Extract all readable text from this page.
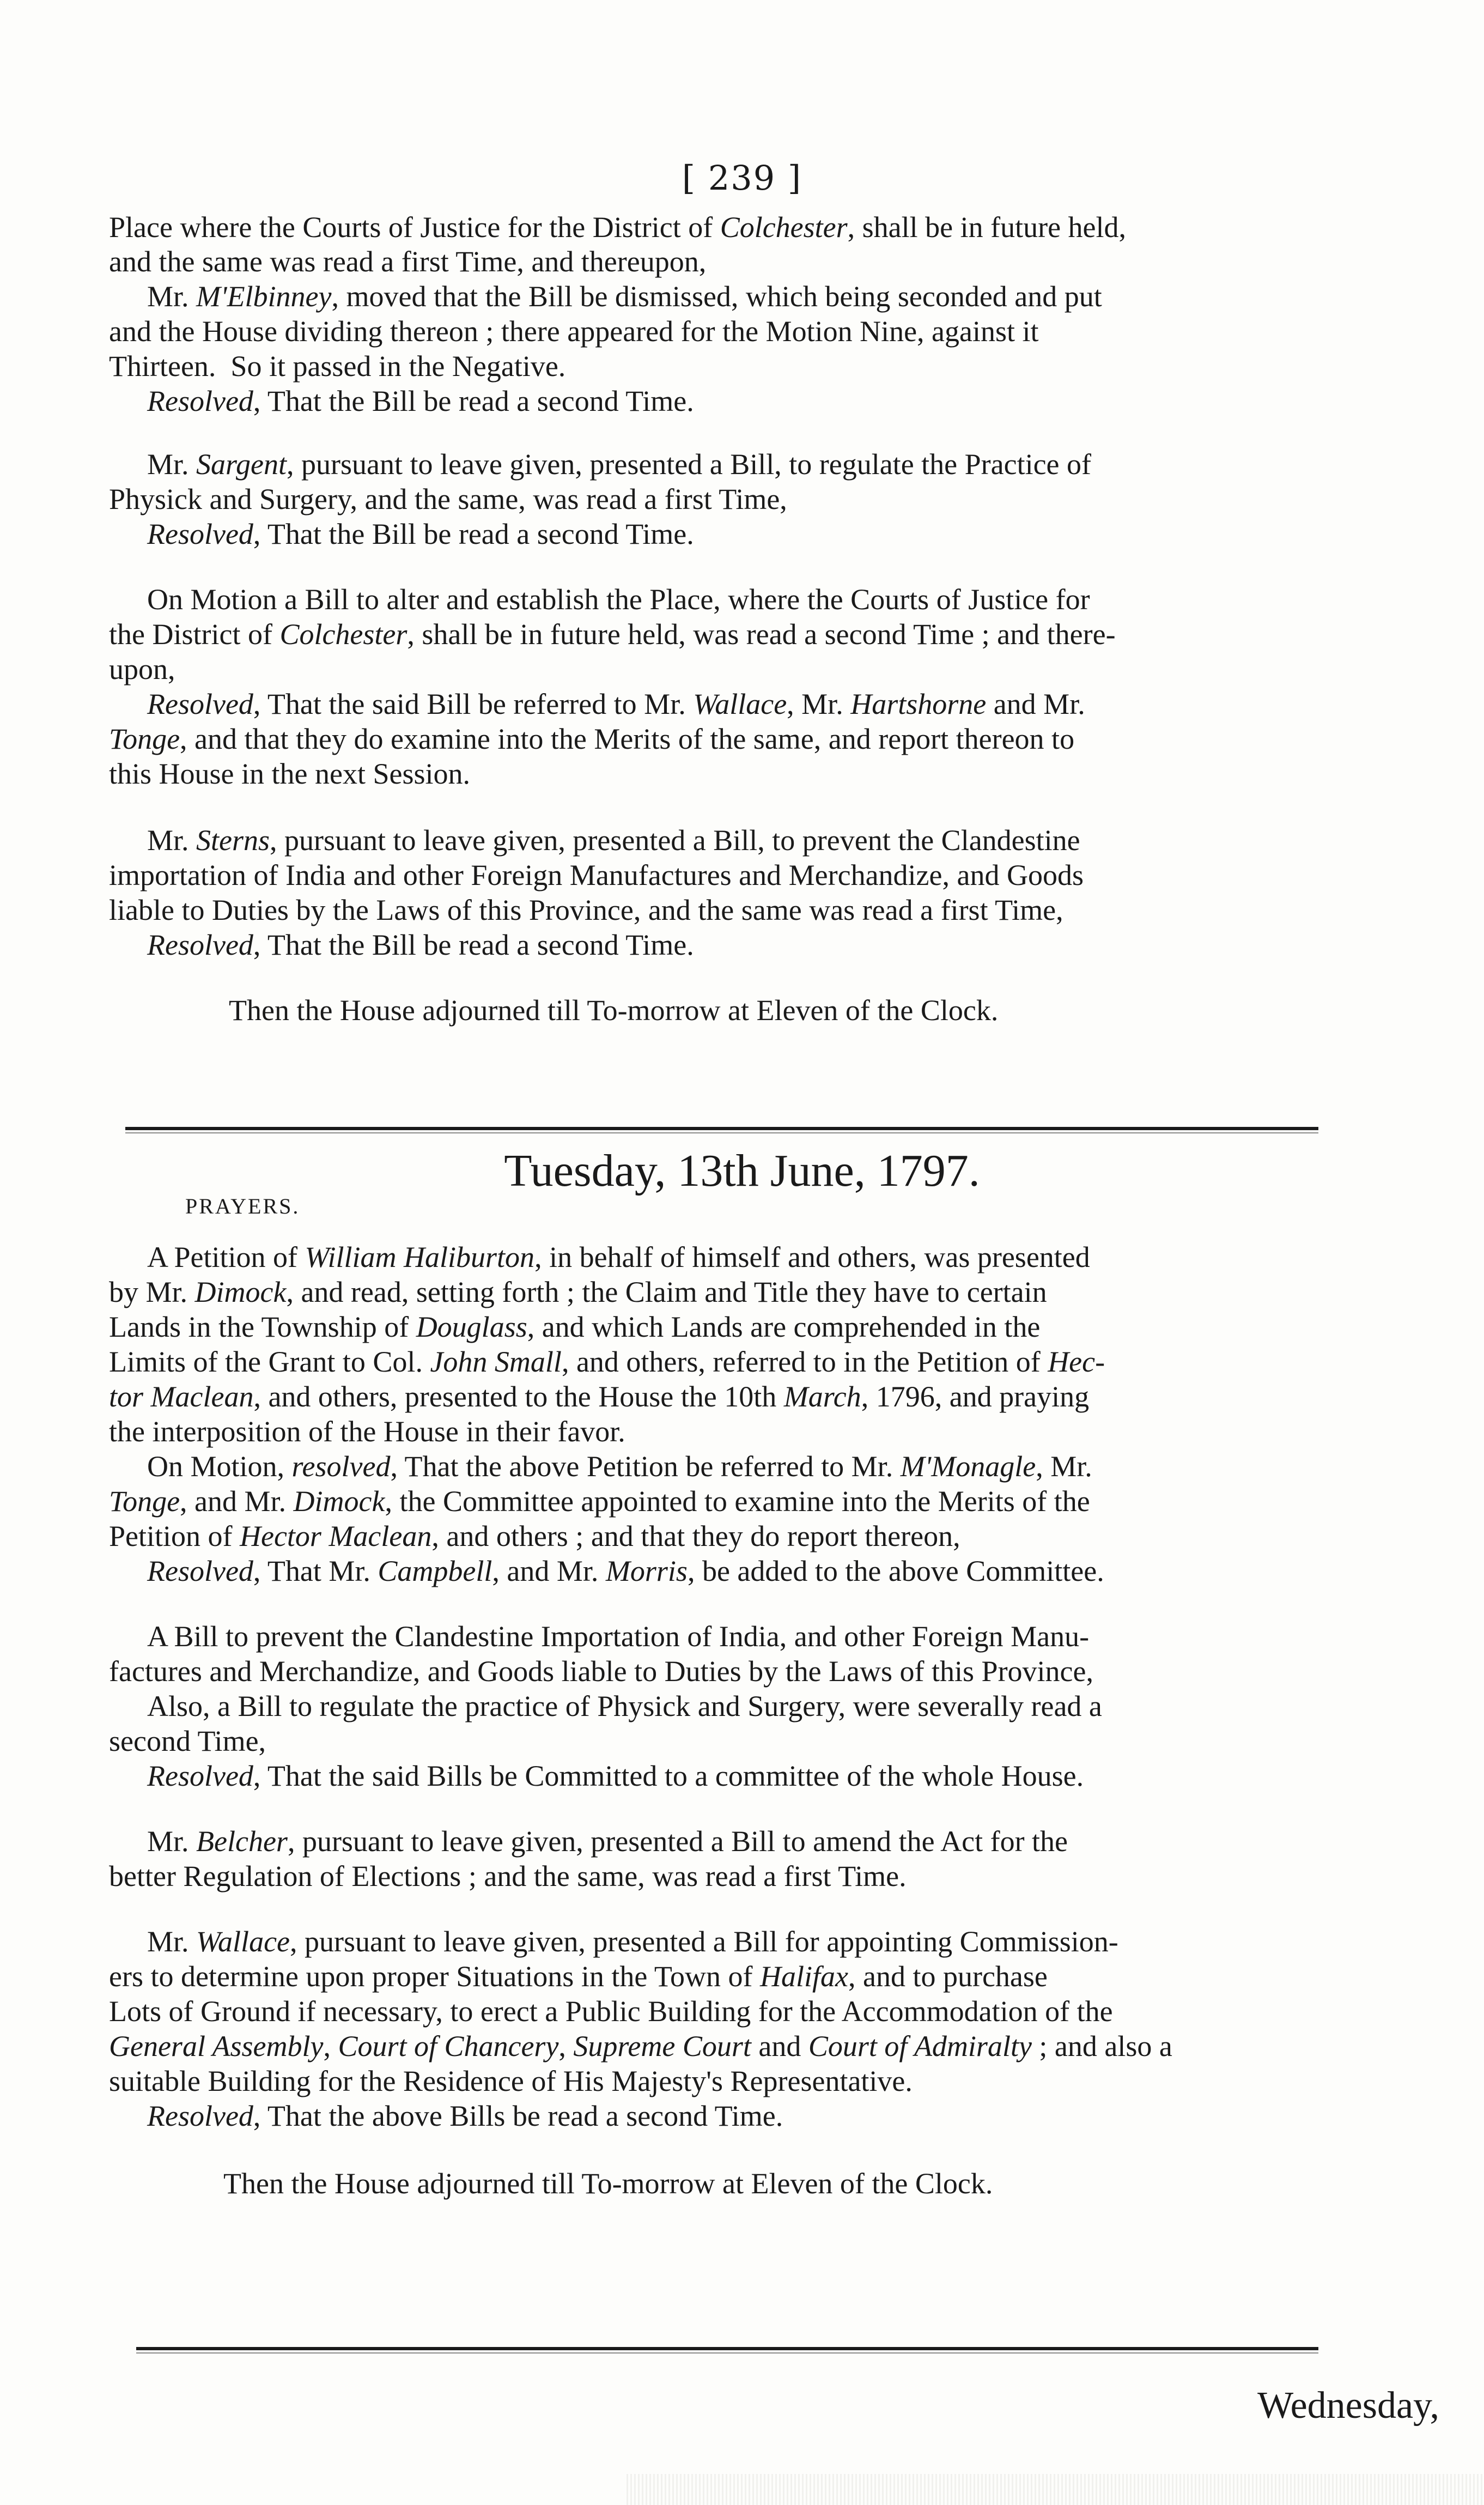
[ 239 ]
Place where the Courts of Justice for the District of Colchester, shall be in future held,
and the same was read a first Time, and thereupon,
Mr. M'Elbinney, moved that the Bill be dismissed, which being seconded and put
and the House dividing thereon ; there appeared for the Motion Nine, against it
Thirteen.  So it passed in the Negative.
Resolved, That the Bill be read a second Time.
Mr. Sargent, pursuant to leave given, presented a Bill, to regulate the Practice of
Physick and Surgery, and the same, was read a first Time,
Resolved, That the Bill be read a second Time.
On Motion a Bill to alter and establish the Place, where the Courts of Justice for
the District of Colchester, shall be in future held, was read a second Time ; and there-
upon,
Resolved, That the said Bill be referred to Mr. Wallace, Mr. Hartshorne and Mr.
Tonge, and that they do examine into the Merits of the same, and report thereon to
this House in the next Session.
Mr. Sterns, pursuant to leave given, presented a Bill, to prevent the Clandestine
importation of India and other Foreign Manufactures and Merchandize, and Goods
liable to Duties by the Laws of this Province, and the same was read a first Time,
Resolved, That the Bill be read a second Time.
Then the House adjourned till To-morrow at Eleven of the Clock.
A Petition of William Haliburton, in behalf of himself and others, was presented
by Mr. Dimock, and read, setting forth ; the Claim and Title they have to certain
Lands in the Township of Douglass, and which Lands are comprehended in the
Limits of the Grant to Col. John Small, and others, referred to in the Petition of Hec-
tor Maclean, and others, presented to the House the 10th March, 1796, and praying
the interposition of the House in their favor.
On Motion, resolved, That the above Petition be referred to Mr. M'Monagle, Mr.
Tonge, and Mr. Dimock, the Committee appointed to examine into the Merits of the
Petition of Hector Maclean, and others ; and that they do report thereon,
Resolved, That Mr. Campbell, and Mr. Morris, be added to the above Committee.
A Bill to prevent the Clandestine Importation of India, and other Foreign Manu-
factures and Merchandize, and Goods liable to Duties by the Laws of this Province,
Also, a Bill to regulate the practice of Physick and Surgery, were severally read a
second Time,
Resolved, That the said Bills be Committed to a committee of the whole House.
Mr. Belcher, pursuant to leave given, presented a Bill to amend the Act for the
better Regulation of Elections ; and the same, was read a first Time.
Mr. Wallace, pursuant to leave given, presented a Bill for appointing Commission-
ers to determine upon proper Situations in the Town of Halifax, and to purchase
Lots of Ground if necessary, to erect a Public Building for the Accommodation of the
General Assembly, Court of Chancery, Supreme Court and Court of Admiralty ; and also a
suitable Building for the Residence of His Majesty's Representative.
Resolved, That the above Bills be read a second Time.
Then the House adjourned till To-morrow at Eleven of the Clock.
Tuesday, 13th June, 1797.
PRAYERS.
Wednesday,
